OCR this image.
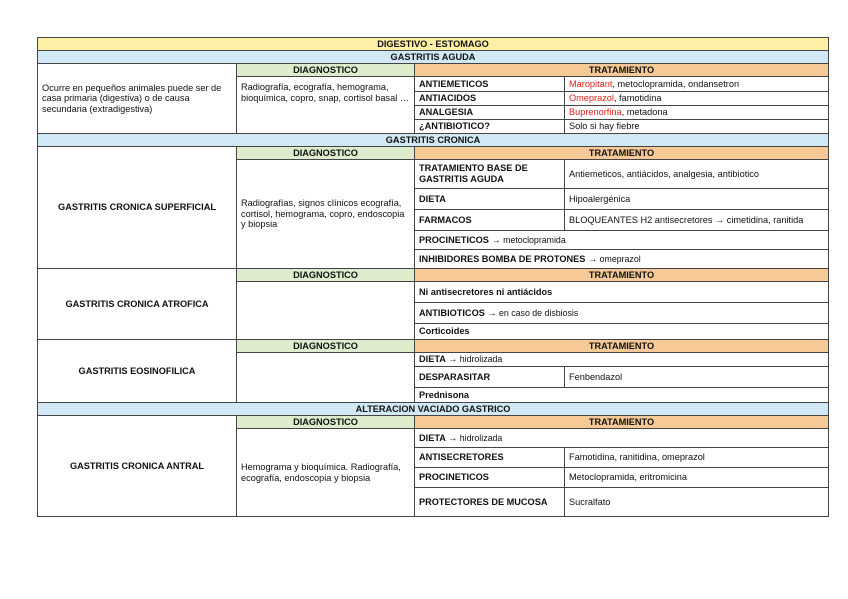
DIGESTIVO - ESTOMAGO			
GASTRITIS AGUDA			
Ocurre en pequeños animales puede ser de casa primaria (digestiva) o de causa secundaria (extradigestiva)	DIAGNOSTICO	TRATAMIENTO	
	Radiografía, ecografía, hemograma, bioquímica, copro, snap, cortisol basal …	ANTIEMETICOS	Maropitant, metoclopramida, ondansetron
		ANTIACIDOS	Omeprazol, famotidina
		ANALGESIA	Buprenorfina, metadona
		¿ANTIBIOTICO?	Solo si hay fiebre
GASTRITIS CRONICA			
GASTRITIS CRONICA SUPERFICIAL	DIAGNOSTICO	TRATAMIENTO	
	Radiografías, signos clínicos ecografía, cortisol, hemograma, copro, endoscopia y biopsia	TRATAMIENTO BASE DE GASTRITIS AGUDA	Antiemeticos, antiácidos, analgesia, antibiotico
		DIETA	Hipoalergénica
		FARMACOS	BLOQUEANTES H2 antisecretores → cimetidina, ranitida
		PROCINETICOS → metoclopramida	
		INHIBIDORES BOMBA DE PROTONES → omeprazol	
GASTRITIS CRONICA ATROFICA	DIAGNOSTICO	TRATAMIENTO	
		Ni antisecretores ni antiácidos	
		ANTIBIOTICOS → en caso de disbiosis	
		Corticoides	
GASTRITIS EOSINOFILICA	DIAGNOSTICO	TRATAMIENTO	
		DIETA → hidrolizada	
		DESPARASITAR	Fenbendazol
		Prednisona	
ALTERACION VACIADO GASTRICO			
GASTRITIS CRONICA ANTRAL	DIAGNOSTICO	TRATAMIENTO	
	Hemograma y bioquímica. Radiografía, ecografía, endoscopia y biopsia	DIETA → hidrolizada	
		ANTISECRETORES	Famotidina, ranitidina, omeprazol
		PROCINETICOS	Metoclopramida, eritromicina
		PROTECTORES DE MUCOSA	Sucralfato
